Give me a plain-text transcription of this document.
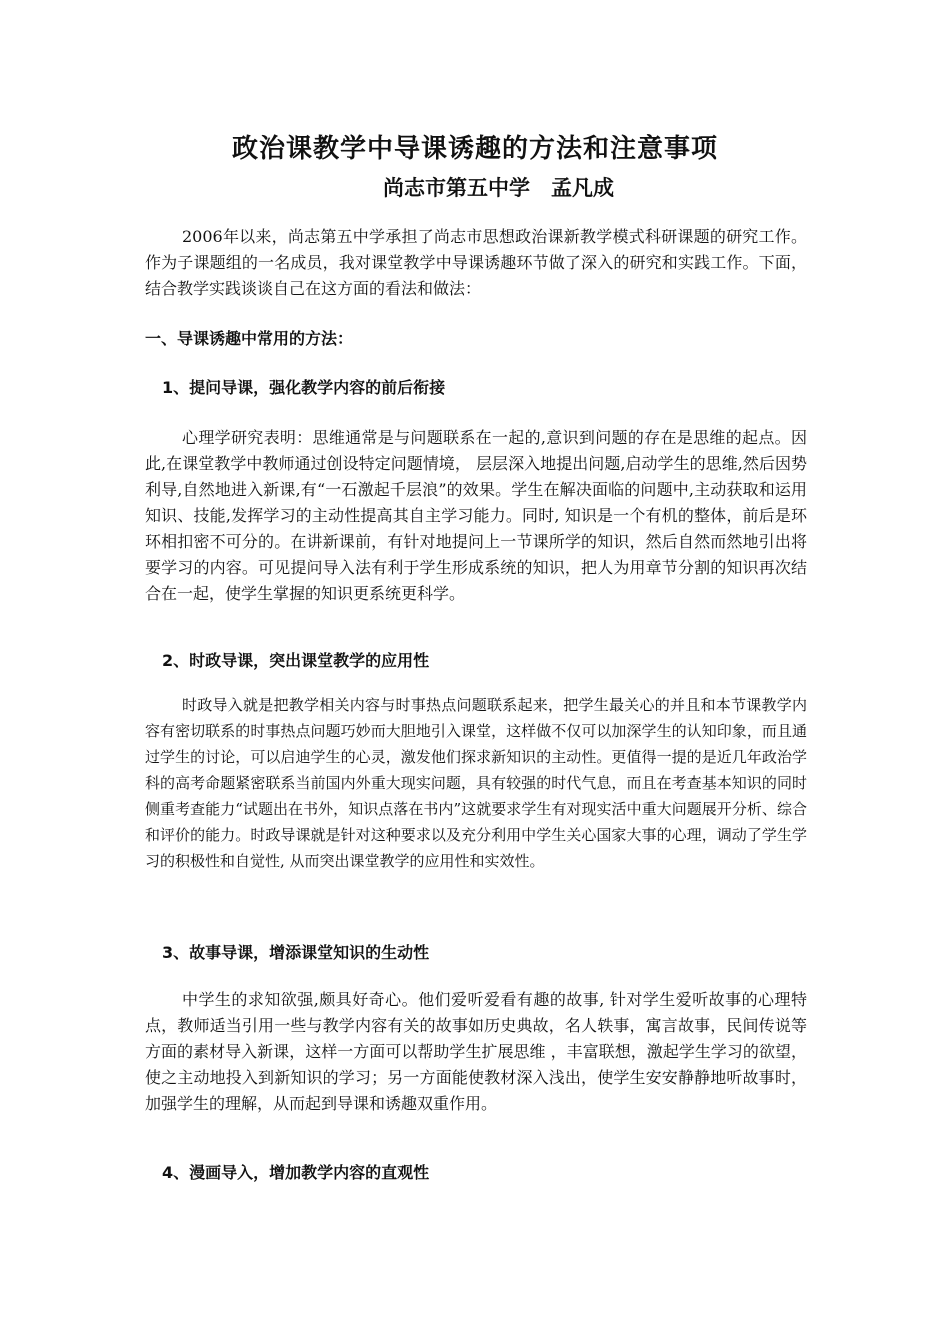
政治课教学中导课诱趣的方法和注意事项
尚志市第五中学　孟凡成
2006年以来，尚志第五中学承担了尚志市思想政治课新教学模式科研课题的研究工作。作为子课题组的一名成员，我对课堂教学中导课诱趣环节做了深入的研究和实践工作。下面， 结合教学实践谈谈自己在这方面的看法和做法：
一、导课诱趣中常用的方法：
1、提问导课，强化教学内容的前后衔接
心理学研究表明：思维通常是与问题联系在一起的,意识到问题的存在是思维的起点。因此,在课堂教学中教师通过创设特定问题情境， 层层深入地提出问题,启动学生的思维,然后因势利导,自然地进入新课,有“一石激起千层浪”的效果。学生在解决面临的问题中,主动获取和运用知识、技能,发挥学习的主动性提高其自主学习能力。同时, 知识是一个有机的整体，前后是环环相扣密不可分的。在讲新课前，有针对地提问上一节课所学的知识，然后自然而然地引出将要学习的内容。可见提问导入法有利于学生形成系统的知识，把人为用章节分割的知识再次结合在一起，使学生掌握的知识更系统更科学。
2、时政导课，突出课堂教学的应用性
时政导入就是把教学相关内容与时事热点问题联系起来，把学生最关心的并且和本节课教学内容有密切联系的时事热点问题巧妙而大胆地引入课堂，这样做不仅可以加深学生的认知印象，而且通过学生的讨论，可以启迪学生的心灵，激发他们探求新知识的主动性。更值得一提的是近几年政治学科的高考命题紧密联系当前国内外重大现实问题，具有较强的时代气息，而且在考查基本知识的同时侧重考查能力“试题出在书外，知识点落在书内”这就要求学生有对现实活中重大问题展开分析、综合和评价的能力。时政导课就是针对这种要求以及充分利用中学生关心国家大事的心理，调动了学生学习的积极性和自觉性, 从而突出课堂教学的应用性和实效性。
3、故事导课，增添课堂知识的生动性
中学生的求知欲强,颇具好奇心。他们爱听爱看有趣的故事, 针对学生爱听故事的心理特点，教师适当引用一些与教学内容有关的故事如历史典故，名人轶事，寓言故事，民间传说等方面的素材导入新课，这样一方面可以帮助学生扩展思维 ，丰富联想，激起学生学习的欲望，使之主动地投入到新知识的学习；另一方面能使教材深入浅出，使学生安安静静地听故事时，加强学生的理解，从而起到导课和诱趣双重作用。
4、漫画导入，增加教学内容的直观性
